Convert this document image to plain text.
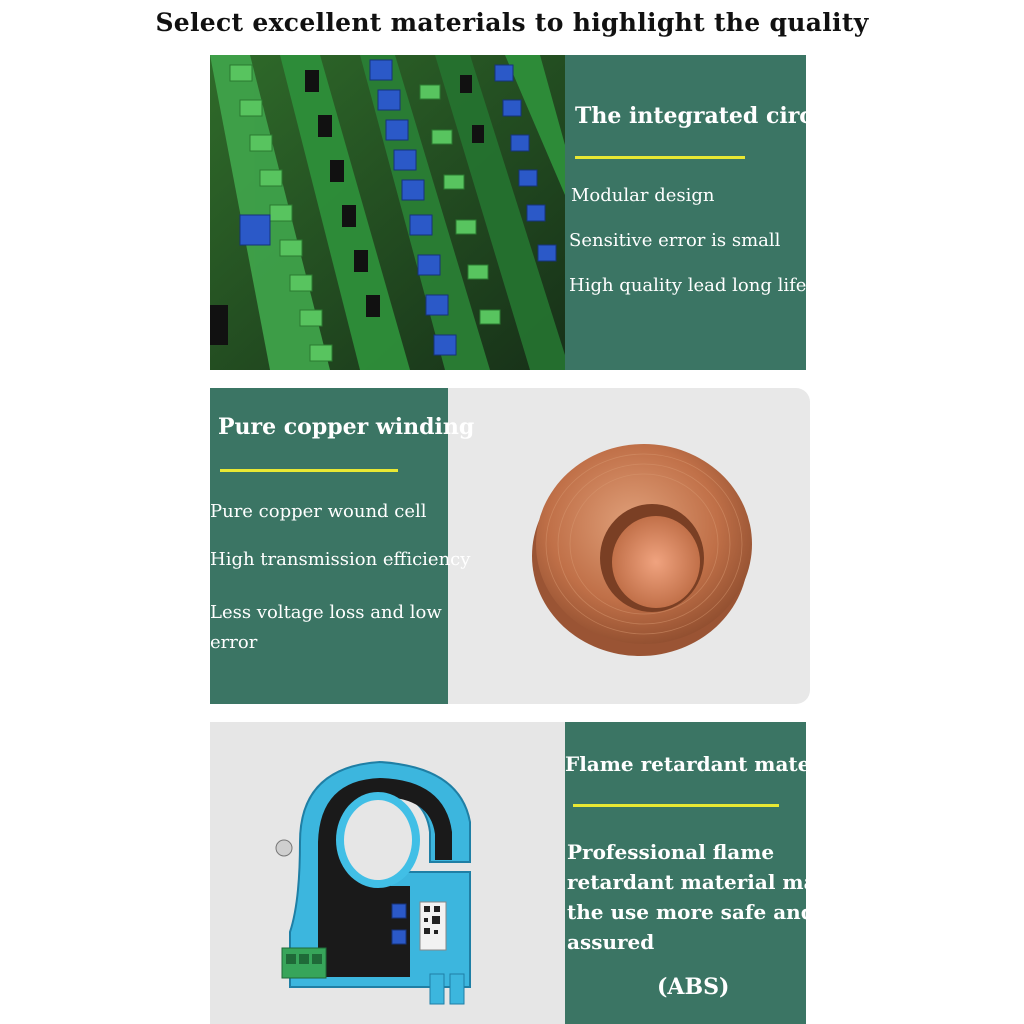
Select excellent materials to highlight the quality
The integrated circuit
Modular design
Sensitive error is small
High quality lead long life
Pure copper winding
Pure copper wound cell
High transmission efficiency
Less voltage loss and low
error
Flame retardant material
Professional flame
retardant material makes
the use more safe and
assured
(ABS)
